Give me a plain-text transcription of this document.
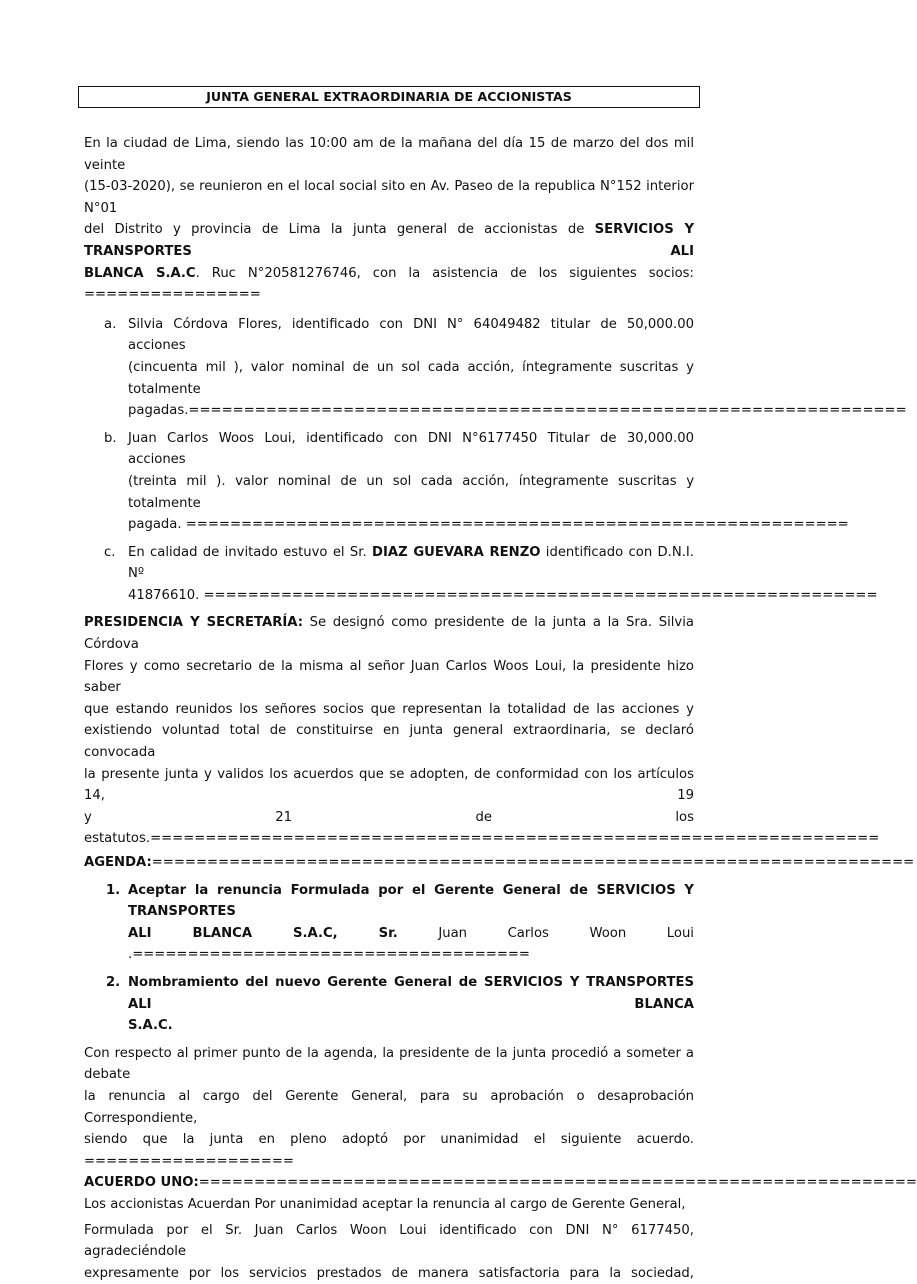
JUNTA GENERAL EXTRAORDINARIA DE ACCIONISTAS

En la ciudad de Lima, siendo las 10:00 am de la mañana del día 15 de marzo del dos mil veinte

(15-03-2020), se reunieron en el local social sito en Av. Paseo de la republica N°152 interior N°01

del Distrito y provincia de Lima la junta general de accionistas de SERVICIOS Y TRANSPORTES ALI

BLANCA S.A.C. Ruc N°20581276746, con la asistencia de los siguientes socios:

================

a. Silvia Córdova Flores, identificado con DNI N° 64049482 titular de 50,000.00 acciones

(cincuenta mil ), valor nominal de un sol cada acción, íntegramente suscritas y totalmente

pagadas.=================================================================

b. Juan Carlos Woos Loui, identificado con DNI N°6177450 Titular de 30,000.00 acciones

(treinta mil ). valor nominal de un sol cada acción, íntegramente suscritas y totalmente

pagada. ============================================================

c. En calidad de invitado estuvo el Sr. DIAZ GUEVARA RENZO identificado con D.N.I. Nº

41876610. =============================================================

PRESIDENCIA Y SECRETARÍA: Se designó como presidente de la junta a la Sra. Silvia Córdova

Flores y como secretario de la misma al señor Juan Carlos Woos Loui, la presidente hizo saber

que estando reunidos los señores socios que representan la totalidad de las acciones y

existiendo voluntad total de constituirse en junta general extraordinaria, se declaró convocada

la presente junta y validos los acuerdos que se adopten, de conformidad con los artículos 14, 19

y 21 de los

estatutos.==================================================================

AGENDA:=====================================================================

1. Aceptar la renuncia Formulada por el Gerente General de SERVICIOS Y TRANSPORTES

ALI BLANCA S.A.C, Sr. Juan Carlos Woon Loui

.====================================

2. Nombramiento del nuevo Gerente General de SERVICIOS Y TRANSPORTES ALI BLANCA

S.A.C.

Con respecto al primer punto de la agenda, la presidente de la junta procedió a someter a debate

la renuncia al cargo del Gerente General, para su aprobación o desaprobación Correspondiente,

siendo que la junta en pleno adoptó por unanimidad el siguiente acuerdo.

===================

ACUERDO UNO:=================================================================

Los accionistas Acuerdan Por unanimidad aceptar la renuncia al cargo de Gerente General,

Formulada por el Sr. Juan Carlos Woon Loui identificado con DNI N° 6177450, agradeciéndole

expresamente por los servicios prestados de manera satisfactoria para la sociedad,
